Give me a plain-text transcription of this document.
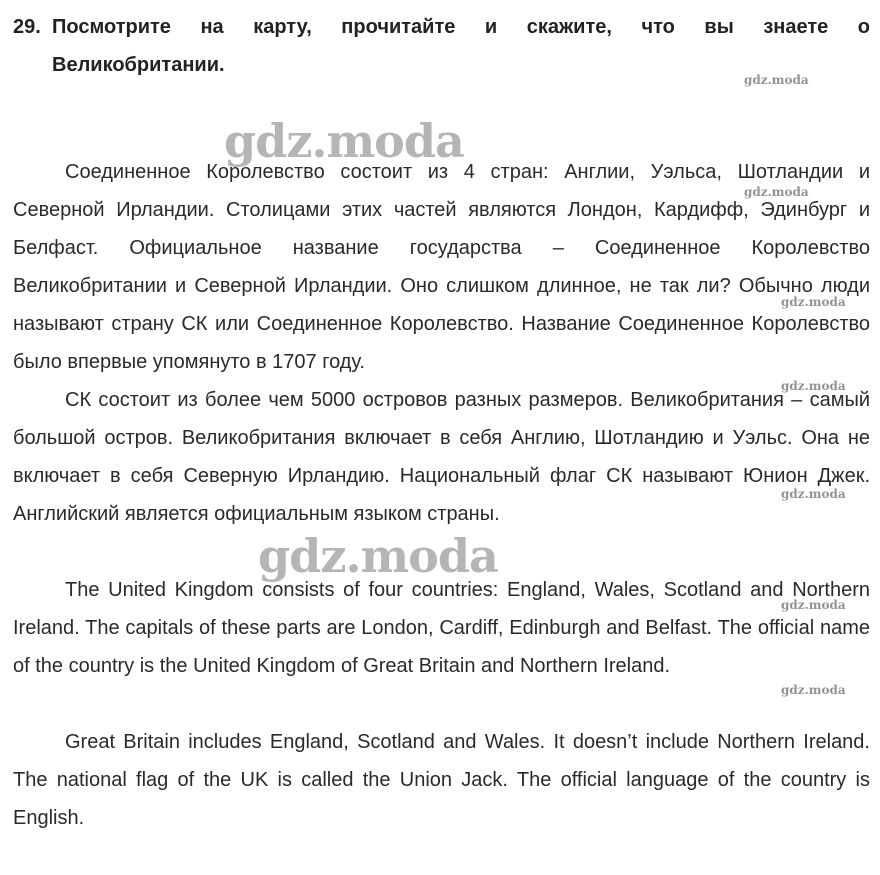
29. Посмотрите на карту, прочитайте и скажите, что вы знаете о
Великобритании.

Соединенное Королевство состоит из 4 стран: Англии, Уэльса, Шотландии и Северной Ирландии. Столицами этих частей являются Лондон, Кардифф, Эдинбург и Белфаст. Официальное название государства – Соединенное Королевство Великобритании и Северной Ирландии. Оно слишком длинное, не так ли? Обычно люди называют страну СК или Соединенное Королевство. Название Соединенное Королевство было впервые упомянуто в 1707 году.

СК состоит из более чем 5000 островов разных размеров. Великобритания – самый большой остров. Великобритания включает в себя Англию, Шотландию и Уэльс. Она не включает в себя Северную Ирландию. Национальный флаг СК называют Юнион Джек. Английский является официальным языком страны.

The United Kingdom consists of four countries: England, Wales, Scotland and Northern Ireland. The capitals of these parts are London, Cardiff, Edinburgh and Belfast. The official name of the country is the United Kingdom of Great Britain and Northern Ireland.

Great Britain includes England, Scotland and Wales. It doesn’t include Northern Ireland. The national flag of the UK is called the Union Jack. The official language of the country is English.

gdz.moda
gdz.moda
gdz.moda
gdz.moda
gdz.moda
gdz.moda
gdz.moda
gdz.moda
gdz.moda
